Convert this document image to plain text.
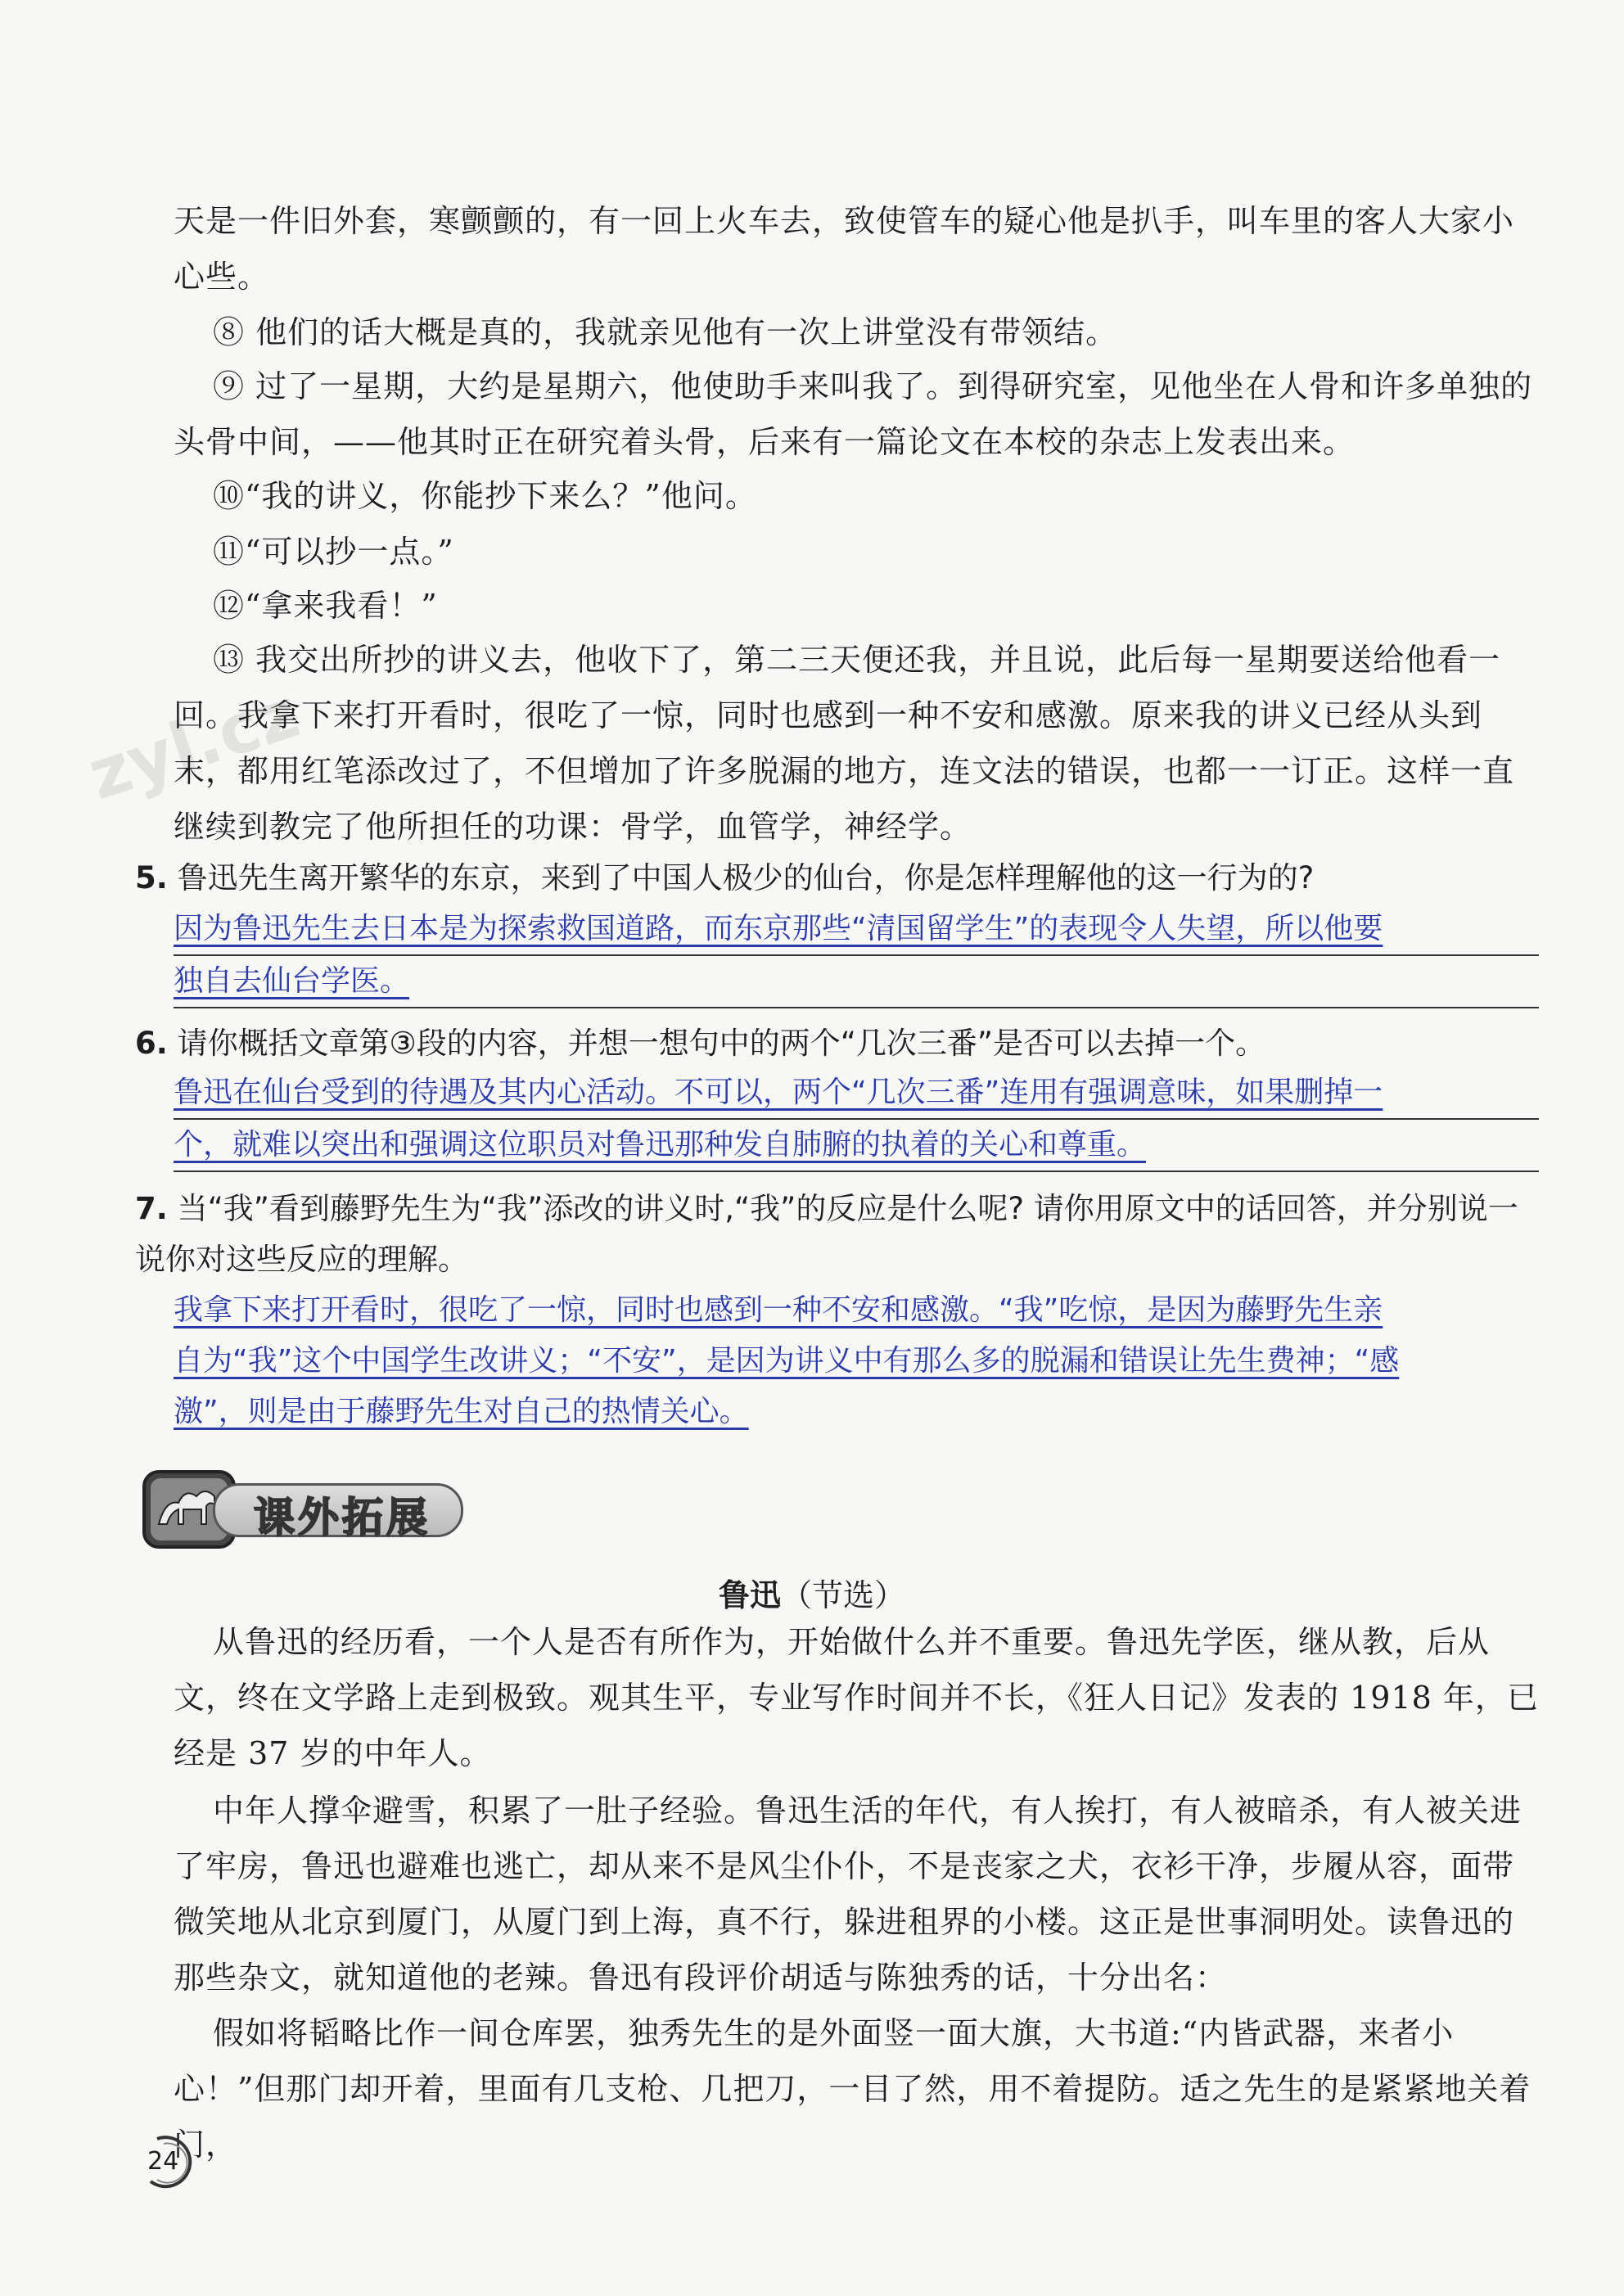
zyl.cz

天是一件旧外套，寒颤颤的，有一回上火车去，致使管车的疑心他是扒手，叫车里的客人大家小心些。

⑧ 他们的话大概是真的，我就亲见他有一次上讲堂没有带领结。

⑨ 过了一星期，大约是星期六，他使助手来叫我了。到得研究室，见他坐在人骨和许多单独的头骨中间，——他其时正在研究着头骨，后来有一篇论文在本校的杂志上发表出来。

⑩“我的讲义，你能抄下来么？”他问。

⑪“可以抄一点。”

⑫“拿来我看！”

⑬ 我交出所抄的讲义去，他收下了，第二三天便还我，并且说，此后每一星期要送给他看一回。我拿下来打开看时，很吃了一惊，同时也感到一种不安和感激。原来我的讲义已经从头到末，都用红笔添改过了，不但增加了许多脱漏的地方，连文法的错误，也都一一订正。这样一直继续到教完了他所担任的功课：骨学，血管学，神经学。

5. 鲁迅先生离开繁华的东京，来到了中国人极少的仙台，你是怎样理解他的这一行为的?

因为鲁迅先生去日本是为探索救国道路，而东京那些“清国留学生”的表现令人失望，所以他要
独自去仙台学医。

6. 请你概括文章第③段的内容，并想一想句中的两个“几次三番”是否可以去掉一个。

鲁迅在仙台受到的待遇及其内心活动。不可以，两个“几次三番”连用有强调意味，如果删掉一
个，就难以突出和强调这位职员对鲁迅那种发自肺腑的执着的关心和尊重。

7. 当“我”看到藤野先生为“我”添改的讲义时,“我”的反应是什么呢? 请你用原文中的话回答，并分别说一说你对这些反应的理解。

我拿下来打开看时，很吃了一惊，同时也感到一种不安和感激。“我”吃惊，是因为藤野先生亲
自为“我”这个中国学生改讲义；“不安”，是因为讲义中有那么多的脱漏和错误让先生费神；“感
激”，则是由于藤野先生对自己的热情关心。
课外拓展
鲁迅（节选）

从鲁迅的经历看，一个人是否有所作为，开始做什么并不重要。鲁迅先学医，继从教，后从文，终在文学路上走到极致。观其生平，专业写作时间并不长，《狂人日记》发表的 1918 年，已经是 37 岁的中年人。

中年人撑伞避雪，积累了一肚子经验。鲁迅生活的年代，有人挨打，有人被暗杀，有人被关进了牢房，鲁迅也避难也逃亡，却从来不是风尘仆仆，不是丧家之犬，衣衫干净，步履从容，面带微笑地从北京到厦门，从厦门到上海，真不行，躲进租界的小楼。这正是世事洞明处。读鲁迅的那些杂文，就知道他的老辣。鲁迅有段评价胡适与陈独秀的话，十分出名：

假如将韬略比作一间仓库罢，独秀先生的是外面竖一面大旗，大书道:“内皆武器，来者小心！”但那门却开着，里面有几支枪、几把刀，一目了然，用不着提防。适之先生的是紧紧地关着门，

24
